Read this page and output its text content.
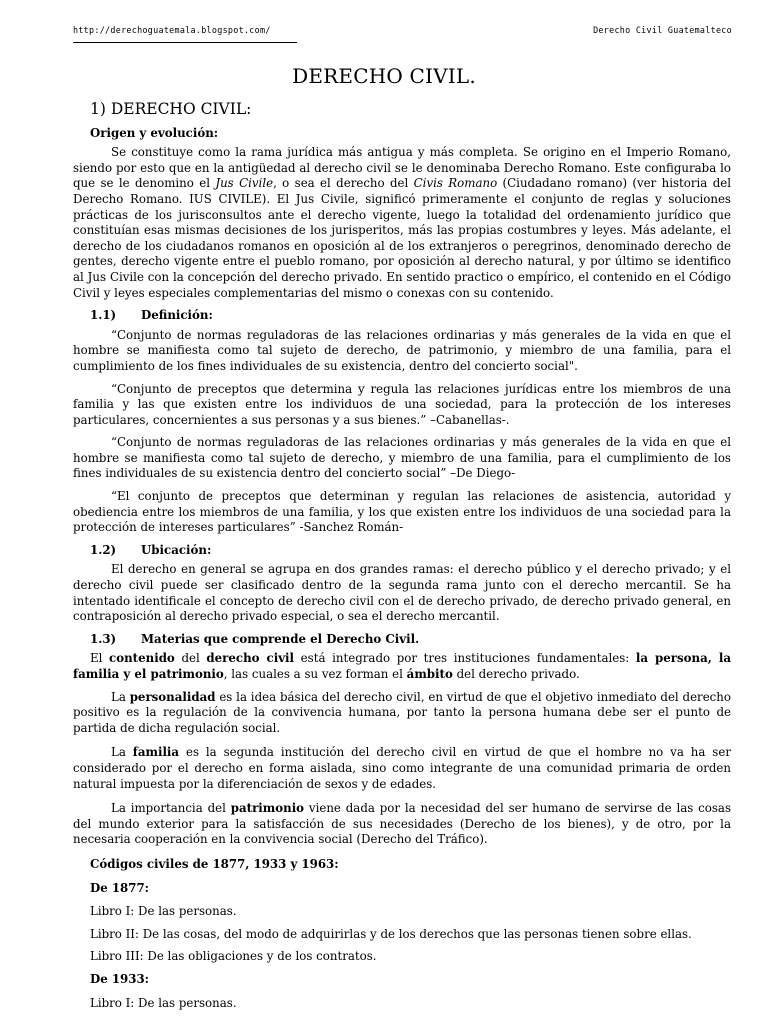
http://derechoguatemala.blogspot.com/	Derecho Civil Guatemalteco
DERECHO CIVIL.
1) DERECHO CIVIL:
Origen y evolución:

Se constituye como la rama jurídica más antigua y más completa. Se origino en el Imperio Romano, siendo por esto que en la antigüedad al derecho civil se le denominaba Derecho Romano. Este configuraba lo que se le denomino el Jus Civile, o sea el derecho del Civis Romano (Ciudadano romano) (ver historia del Derecho Romano. IUS CIVILE). El Jus Civile, significó primeramente el conjunto de reglas y soluciones prácticas de los jurisconsultos ante el derecho vigente, luego la totalidad del ordenamiento jurídico que constituían esas mismas decisiones de los jurisperitos, más las propias costumbres y leyes. Más adelante, el derecho de los ciudadanos romanos en oposición al de los extranjeros o peregrinos, denominado derecho de gentes, derecho vigente entre el pueblo romano, por oposición al derecho natural, y por último se identifico al Jus Civile con la concepción del derecho privado. En sentido practico o empírico, el contenido en el Código Civil y leyes especiales complementarias del mismo o conexas con su contenido.

1.1)	Definición:

“Conjunto de normas reguladoras de las relaciones ordinarias y más generales de la vida en que el hombre se manifiesta como tal sujeto de derecho, de patrimonio, y miembro de una familia, para el cumplimiento de los fines individuales de su existencia, dentro del concierto social".

“Conjunto de preceptos que determina y regula las relaciones jurídicas entre los miembros de una familia y las que existen entre los individuos de una sociedad, para la protección de los intereses particulares, concernientes a sus personas y a sus bienes.” –Cabanellas-.

“Conjunto de normas reguladoras de las relaciones ordinarias y más generales de la vida en que el hombre se manifiesta como tal sujeto de derecho, y miembro de una familia, para el cumplimiento de los fines individuales de su existencia dentro del concierto social” –De Diego-

“El conjunto de preceptos que determinan y regulan las relaciones de asistencia, autoridad y obediencia entre los miembros de una familia, y los que existen entre los individuos de una sociedad para la protección de intereses particulares” -Sanchez Román-

1.2)	Ubicación:

El derecho en general se agrupa en dos grandes ramas: el derecho público y el derecho privado; y el derecho civil puede ser clasificado dentro de la segunda rama junto con el derecho mercantil. Se ha intentado identificale el concepto de derecho civil con el de derecho privado, de derecho privado general, en contraposición al derecho privado especial, o sea el derecho mercantil.

1.3)	Materias que comprende el Derecho Civil.

El contenido del derecho civil está integrado por tres instituciones fundamentales: la persona, la familia y el patrimonio, las cuales a su vez forman el ámbito del derecho privado.

La personalidad es la idea básica del derecho civil, en virtud de que el objetivo inmediato del derecho positivo es la regulación de la convivencia humana, por tanto la persona humana debe ser el punto de partida de dicha regulación social.

La familia es la segunda institución del derecho civil en virtud de que el hombre no va ha ser considerado por el derecho en forma aislada, sino como integrante de una comunidad primaria de orden natural impuesta por la diferenciación de sexos y de edades.

La importancia del patrimonio viene dada por la necesidad del ser humano de servirse de las cosas del mundo exterior para la satisfacción de sus necesidades (Derecho de los bienes), y de otro, por la necesaria cooperación en la convivencia social (Derecho del Tráfico).

Códigos civiles de 1877, 1933 y 1963:
De 1877:
Libro I: De las personas.
Libro II: De las cosas, del modo de adquirirlas y de los derechos que las personas tienen sobre ellas.
Libro III: De las obligaciones y de los contratos.
De 1933:
Libro I: De las personas.
